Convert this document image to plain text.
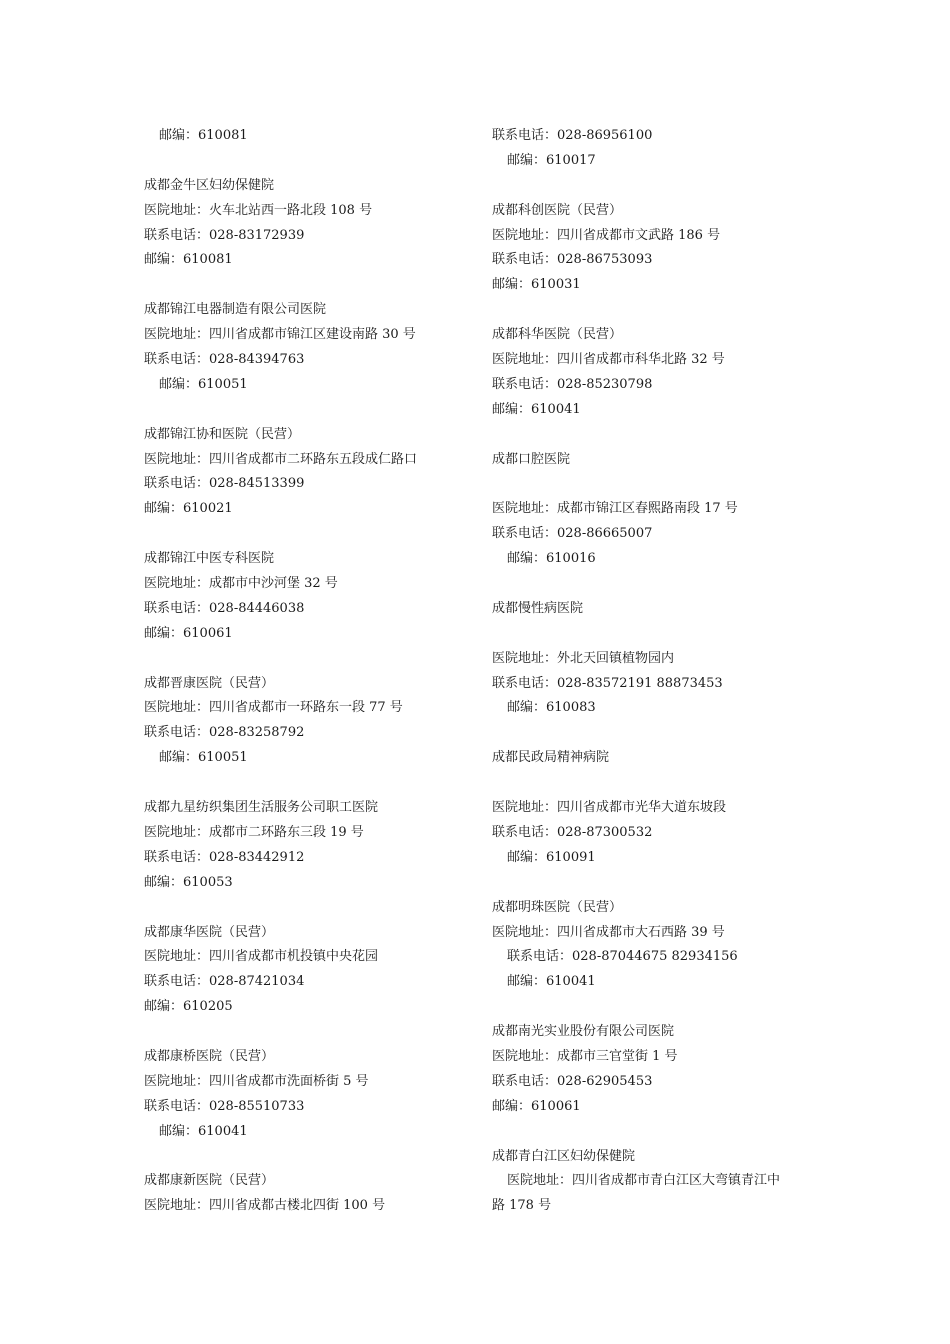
邮编：610081
成都金牛区妇幼保健院
医院地址：火车北站西一路北段 108 号
联系电话：028-83172939
邮编：610081
成都锦江电器制造有限公司医院
医院地址：四川省成都市锦江区建设南路 30 号
联系电话：028-84394763
邮编：610051
成都锦江协和医院（民营）
医院地址：四川省成都市二环路东五段成仁路口
联系电话：028-84513399
邮编：610021
成都锦江中医专科医院
医院地址：成都市中沙河堡 32 号
联系电话：028-84446038
邮编：610061
成都晋康医院（民营）
医院地址：四川省成都市一环路东一段 77 号
联系电话：028-83258792
邮编：610051
成都九星纺织集团生活服务公司职工医院
医院地址：成都市二环路东三段 19 号
联系电话：028-83442912
邮编：610053
成都康华医院（民营）
医院地址：四川省成都市机投镇中央花园
联系电话：028-87421034
邮编：610205
成都康桥医院（民营）
医院地址：四川省成都市洗面桥街 5 号
联系电话：028-85510733
邮编：610041
成都康新医院（民营）
医院地址：四川省成都古楼北四街 100 号
联系电话：028-86956100
邮编：610017
成都科创医院（民营）
医院地址：四川省成都市文武路 186 号
联系电话：028-86753093
邮编：610031
成都科华医院（民营）
医院地址：四川省成都市科华北路 32 号
联系电话：028-85230798
邮编：610041
成都口腔医院
医院地址：成都市锦江区春熙路南段 17 号
联系电话：028-86665007
邮编：610016
成都慢性病医院
医院地址：外北天回镇植物园内
联系电话：028-83572191 88873453
邮编：610083
成都民政局精神病院
医院地址：四川省成都市光华大道东坡段
联系电话：028-87300532
邮编：610091
成都明珠医院（民营）
医院地址：四川省成都市大石西路 39 号
联系电话：028-87044675 82934156
邮编：610041
成都南光实业股份有限公司医院
医院地址：成都市三官堂街 1 号
联系电话：028-62905453
邮编：610061
成都青白江区妇幼保健院
医院地址：四川省成都市青白江区大弯镇青江中
路 178 号
